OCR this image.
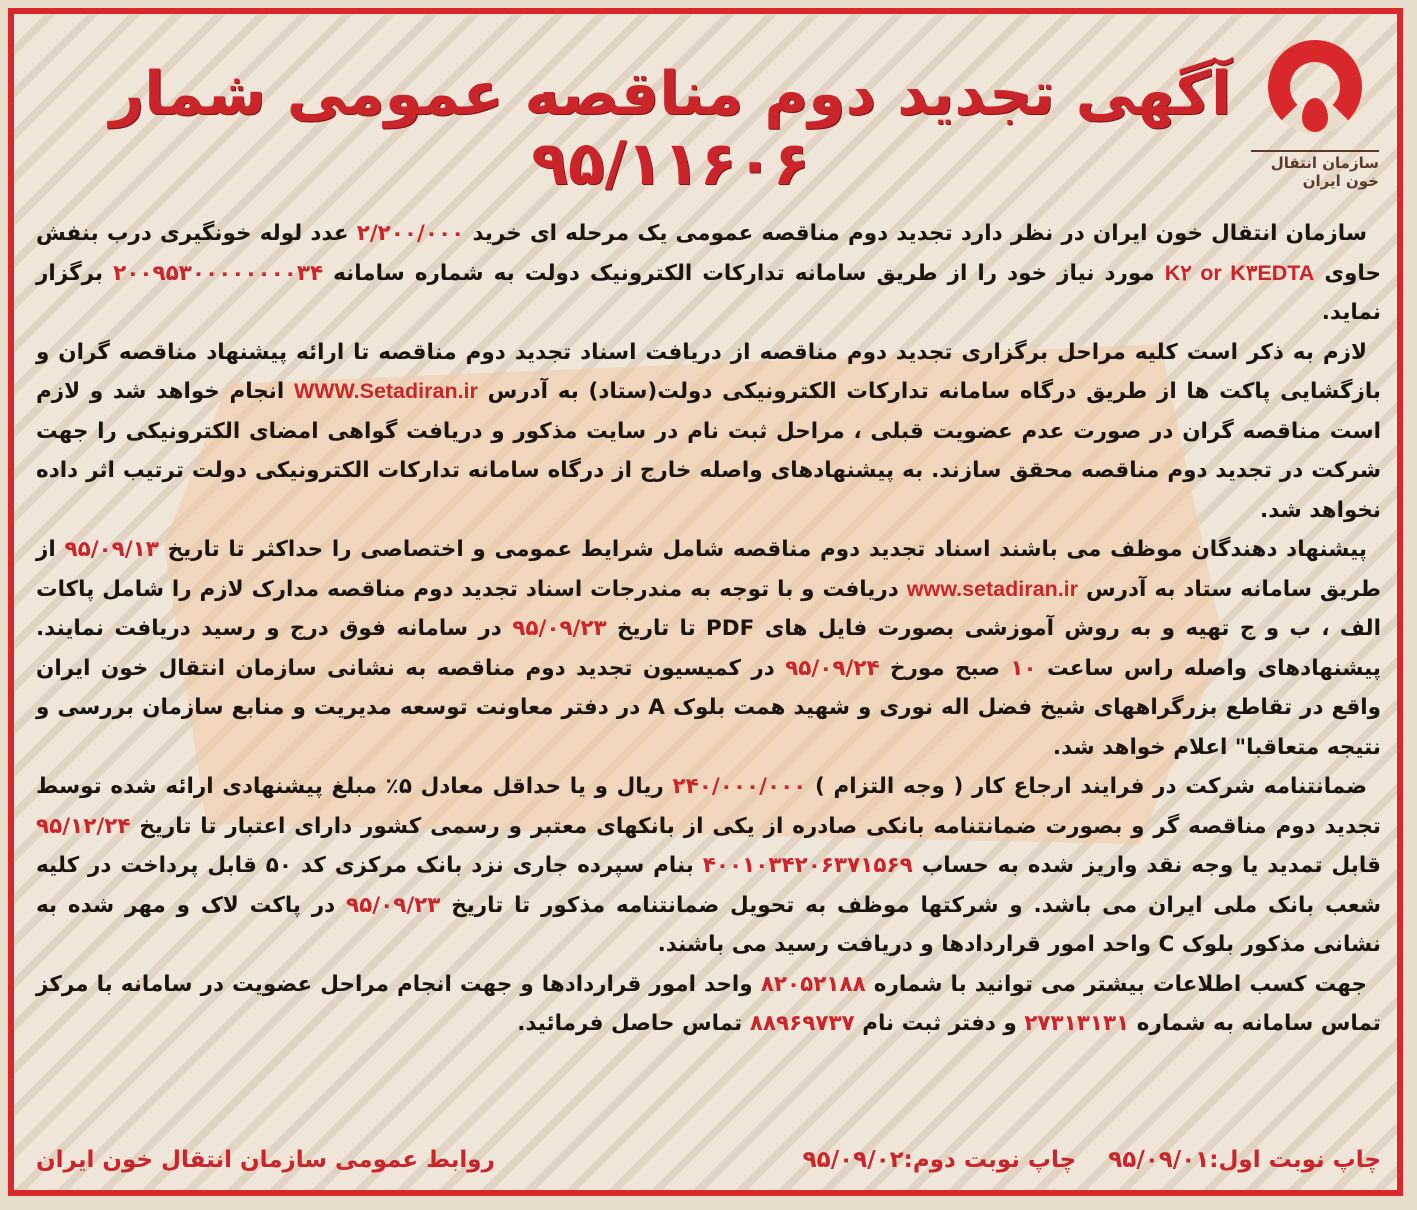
سازمان انتقال خون ایران
آگهی تجدید دوم مناقصه عمومی شمار ۹۵/۱۱۶۰۶

سازمان انتقال خون ایران در نظر دارد تجدید دوم مناقصه عمومی یک مرحله ای خرید ۲/۲۰۰/۰۰۰ عدد لوله خونگیری درب بنفش حاوی K۲ or K۳EDTA مورد نیاز خود را از طریق سامانه تدارکات الکترونیک دولت به شماره سامانه ۲۰۰۹۵۳۰۰۰۰۰۰۰۰۳۴ برگزار نماید.

لازم به ذکر است کلیه مراحل برگزاری تجدید دوم مناقصه از دریافت اسناد تجدید دوم مناقصه تا ارائه پیشنهاد مناقصه گران و بازگشایی پاکت ها از طریق درگاه سامانه تدارکات الکترونیکی دولت(ستاد) به آدرس WWW.Setadiran.ir انجام خواهد شد و لازم است مناقصه گران در صورت عدم عضویت قبلی ، مراحل ثبت نام در سایت مذکور و دریافت گواهی امضای الکترونیکی را جهت شرکت در تجدید دوم مناقصه محقق سازند. به پیشنهادهای واصله خارج از درگاه سامانه تدارکات الکترونیکی دولت ترتیب اثر داده نخواهد شد.

پیشنهاد دهندگان موظف می باشند اسناد تجدید دوم مناقصه شامل شرایط عمومی و اختصاصی را حداکثر تا تاریخ ۹۵/۰۹/۱۳ از طریق سامانه ستاد به آدرس www.setadiran.ir دریافت و با توجه به مندرجات اسناد تجدید دوم مناقصه مدارک لازم را شامل پاکات الف ، ب و ج تهیه و به روش آموزشی بصورت فایل های PDF تا تاریخ ۹۵/۰۹/۲۳ در سامانه فوق درج و رسید دریافت نمایند. پیشنهادهای واصله راس ساعت ۱۰ صبح مورخ ۹۵/۰۹/۲۴ در کمیسیون تجدید دوم مناقصه به نشانی سازمان انتقال خون ایران واقع در تقاطع بزرگراههای شیخ فضل اله نوری و شهید همت بلوک A در دفتر معاونت توسعه مدیریت و منابع سازمان بررسی و نتیجه متعاقبا" اعلام خواهد شد.

ضمانتنامه شرکت در فرایند ارجاع کار ( وجه التزام ) ۲۴۰/۰۰۰/۰۰۰ ریال و یا حداقل معادل ۵٪ مبلغ پیشنهادی ارائه شده توسط تجدید دوم مناقصه گر و بصورت ضمانتنامه بانکی صادره از یکی از بانکهای معتبر و رسمی کشور دارای اعتبار تا تاریخ ۹۵/۱۲/۲۴ قابل تمدید یا وجه نقد واریز شده به حساب ۴۰۰۱۰۳۴۲۰۶۳۷۱۵۶۹ بنام سپرده جاری نزد بانک مرکزی کد ۵۰ قابل پرداخت در کلیه شعب بانک ملی ایران می باشد. و شرکتها موظف به تحویل ضمانتنامه مذکور تا تاریخ ۹۵/۰۹/۲۳ در پاکت لاک و مهر شده به نشانی مذکور بلوک C واحد امور قراردادها و دریافت رسید می باشند.

جهت کسب اطلاعات بیشتر می توانید با شماره ۸۲۰۵۲۱۸۸ واحد امور قراردادها و جهت انجام مراحل عضویت در سامانه با مرکز تماس سامانه به شماره ۲۷۳۱۳۱۳۱ و دفتر ثبت نام ۸۸۹۶۹۷۳۷ تماس حاصل فرمائید.

چاپ نوبت اول:۹۵/۰۹/۰۱    چاپ نوبت دوم:۹۵/۰۹/۰۲
روابط عمومی سازمان انتقال خون ایران
